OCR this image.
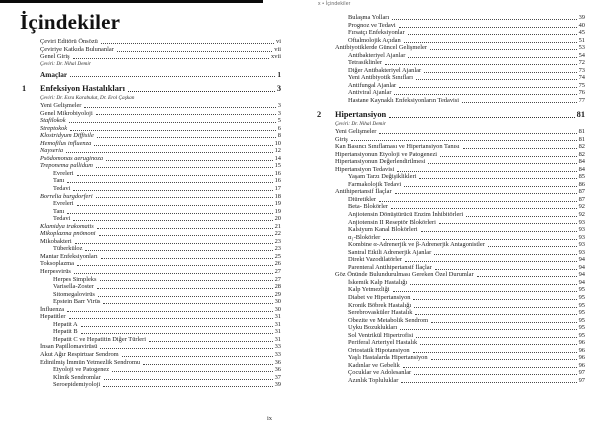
İçindekiler
Çeviri Editörü Önsözü	vi
Çeviriye Katkıda Bulunanlar	vii
Genel Giriş	xvii
Çeviri: Dr. Nihal Demir
Amaçlar	1
1 Enfeksiyon Hastalıkları	3
Çeviri: Dr. Esra Karabulut, Dr. Erol Çaşkan
Yeni Gelişmeler	3
Genel Mikrobiyoloji	3
Stafilokok	5
Streptokok	6
Klostridyum Diffisile	8
Hemofilus influenza	10
Nayseria	12
Psödomonas aeruginoza	14
Treponema pallidum	15
Evreleri	16
Tanı	16
Tedavi	17
Borrelia burgdorferi	18
Evreleri	19
Tanı	19
Tedavi	20
Klamidya trakomatis	21
Mikoplazma pnömoni	22
Mikobakteri	23
Tüberküloz	23
Mantar Enfeksiyonları	25
Toksoplazma	26
Herpesvirüs	27
Herpes Simpleks	27
Varisella-Zoster	28
Sitomegalovirüs	29
Epstein Barr Virüs	30
İnfluenza	30
Hepatitler	31
Hepatit A	31
Hepatit B	31
Hepatit C ve Hepatitin Diğer Türleri	31
İnsan Papillomavirüsü	33
Akut Ağır Respirtuar Sendrom	33
Edinilmiş İmmün Yetmezlik Sendromu	36
Etyoloji ve Patogenez	36
Klinik Sendromlar	37
Seroepidemiyoloji	39
ix
x • İçindekiler
Bulaşma Yolları	39
Prognoz ve Tedavi	40
Fırsatçı Enfeksiyonlar	45
Oftalmolojik Açıdan	51
Antibiyotiklerde Güncel Gelişmeler	53
Antibakteriyel Ajanlar	54
Tetrasiklinler	72
Diğer Antibakteriyel Ajanlar	73
Yeni Antibiyotik Sınıfları	74
Antifungal Ajanlar	75
Antiviral Ajanlar	76
Hastane Kaynaklı Enfeksiyonların Tedavisi	77
2 Hipertansiyon	81
Çeviri: Dr. Nihal Demir
Yeni Gelişmeler	81
Giriş	81
Kan Basıncı Sınıflaması ve Hipertansiyon Tanısı	82
Hipertansiyonun Etyoloji ve Patogenezi	82
Hipertansiyonun Değerlendirilmesi	84
Hipertansiyon Tedavisi	84
Yaşam Tarzı Değişiklikleri	85
Farmakolojik Tedavi	86
Antihipertansif İlaçlar	87
Diüretikler	87
Beta- Blokörler	92
Anjiotensin Dönüştürücü Enzim İnhibitörleri	92
Anjiotensin II Reseptör Blokörleri	93
Kalsiyum Kanal Blokörleri	93
α₁-Blokörler	93
Kombine α-Adrenerjik ve β-Adrenerjik Antagonistler	93
Santral Etkili Adrenerjik Ajanlar	93
Direkt Vazodilatörler	94
Parenteral Antihipertansif İlaçlar	94
Göz Önünde Bulundurulması Gereken Özel Durumlar	94
İskemik Kalp Hastalığı	94
Kalp Yetmezliği	95
Diabet ve Hipertansiyon	95
Kronik Böbrek Hastalığı	95
Serebrovasküler Hastalık	95
Obezite ve Metabolik Sendrom	95
Uyku Bozuklukları	95
Sol Ventrikül Hipertrofisi	95
Periferal Arteriyel Hastalık	96
Ortostatik Hipotansiyon	96
Yaşlı Hastalarda Hipertansiyon	96
Kadınlar ve Gebelik	96
Çocuklar ve Adolesanlar	97
Azınlık Topluluklar	97
